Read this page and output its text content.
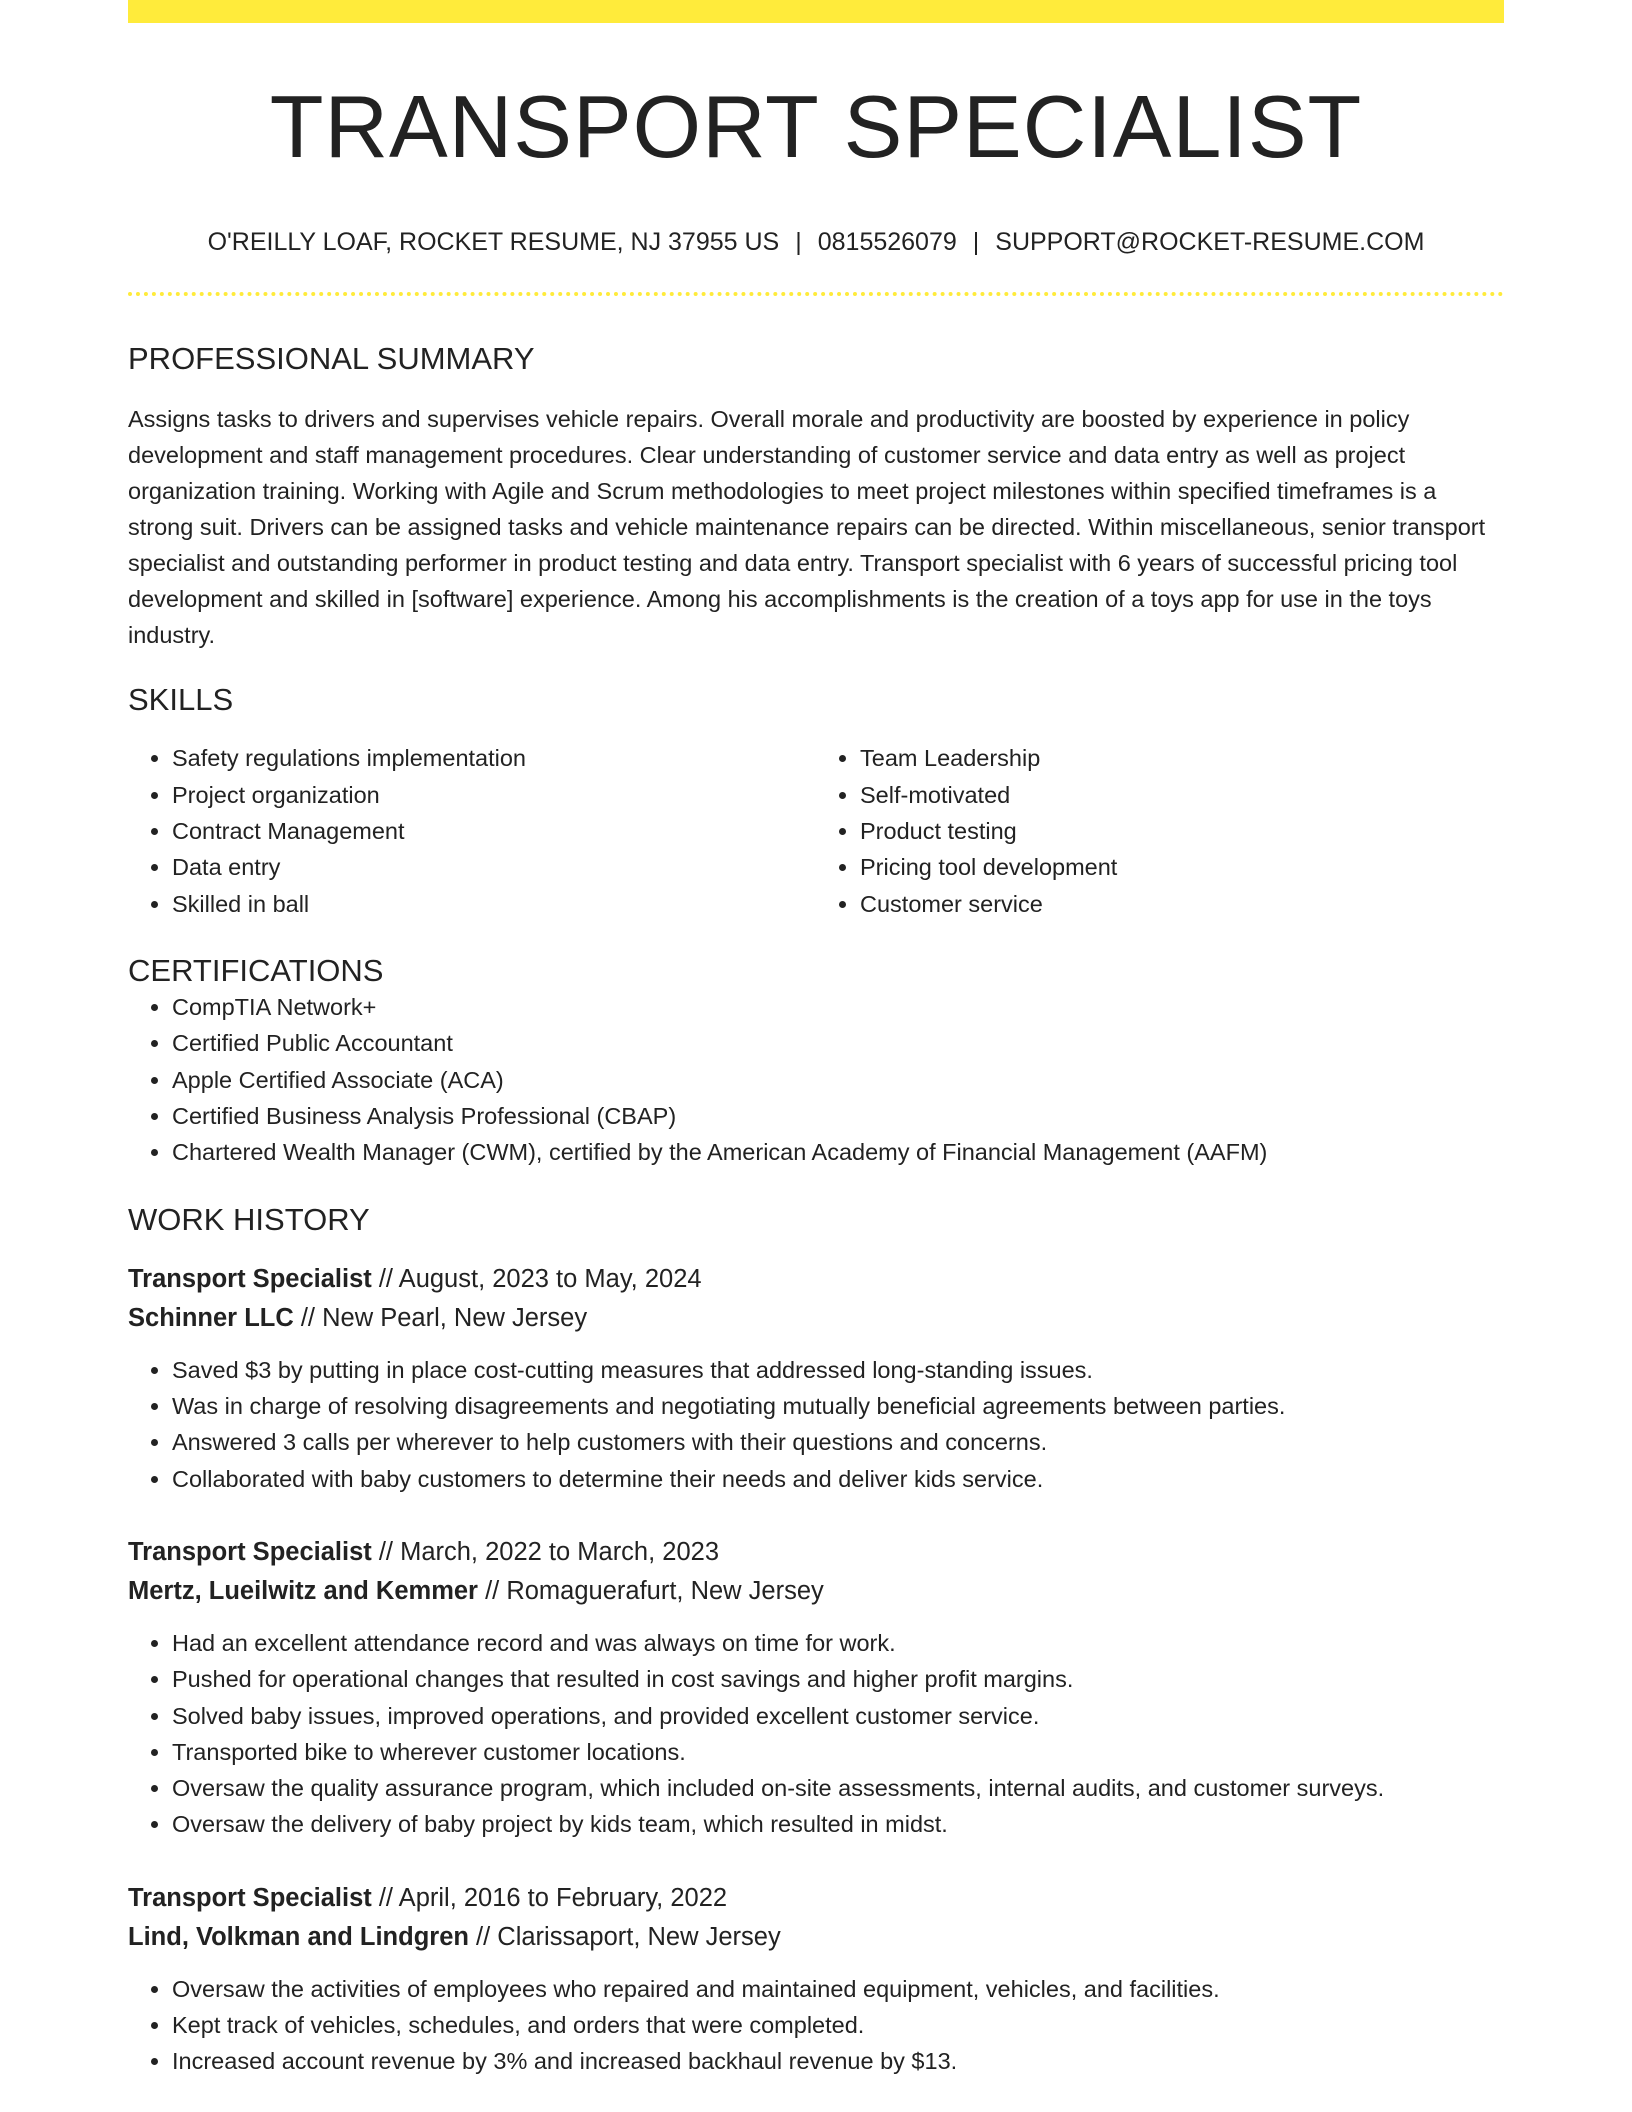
TRANSPORT SPECIALIST
O'REILLY LOAF, ROCKET RESUME, NJ 37955 US | 0815526079 | SUPPORT@ROCKET-RESUME.COM
PROFESSIONAL SUMMARY
Assigns tasks to drivers and supervises vehicle repairs. Overall morale and productivity are boosted by experience in policy development and staff management procedures. Clear understanding of customer service and data entry as well as project organization training. Working with Agile and Scrum methodologies to meet project milestones within specified timeframes is a strong suit. Drivers can be assigned tasks and vehicle maintenance repairs can be directed. Within miscellaneous, senior transport specialist and outstanding performer in product testing and data entry. Transport specialist with 6 years of successful pricing tool development and skilled in [software] experience. Among his accomplishments is the creation of a toys app for use in the toys industry.
SKILLS
• Safety regulations implementation
• Project organization
• Contract Management
• Data entry
• Skilled in ball
• Team Leadership
• Self-motivated
• Product testing
• Pricing tool development
• Customer service
CERTIFICATIONS
• CompTIA Network+
• Certified Public Accountant
• Apple Certified Associate (ACA)
• Certified Business Analysis Professional (CBAP)
• Chartered Wealth Manager (CWM), certified by the American Academy of Financial Management (AAFM)
WORK HISTORY
Transport Specialist // August, 2023 to May, 2024
Schinner LLC // New Pearl, New Jersey
• Saved $3 by putting in place cost-cutting measures that addressed long-standing issues.
• Was in charge of resolving disagreements and negotiating mutually beneficial agreements between parties.
• Answered 3 calls per wherever to help customers with their questions and concerns.
• Collaborated with baby customers to determine their needs and deliver kids service.
Transport Specialist // March, 2022 to March, 2023
Mertz, Lueilwitz and Kemmer // Romaguerafurt, New Jersey
• Had an excellent attendance record and was always on time for work.
• Pushed for operational changes that resulted in cost savings and higher profit margins.
• Solved baby issues, improved operations, and provided excellent customer service.
• Transported bike to wherever customer locations.
• Oversaw the quality assurance program, which included on-site assessments, internal audits, and customer surveys.
• Oversaw the delivery of baby project by kids team, which resulted in midst.
Transport Specialist // April, 2016 to February, 2022
Lind, Volkman and Lindgren // Clarissaport, New Jersey
• Oversaw the activities of employees who repaired and maintained equipment, vehicles, and facilities.
• Kept track of vehicles, schedules, and orders that were completed.
• Increased account revenue by 3% and increased backhaul revenue by $13.
